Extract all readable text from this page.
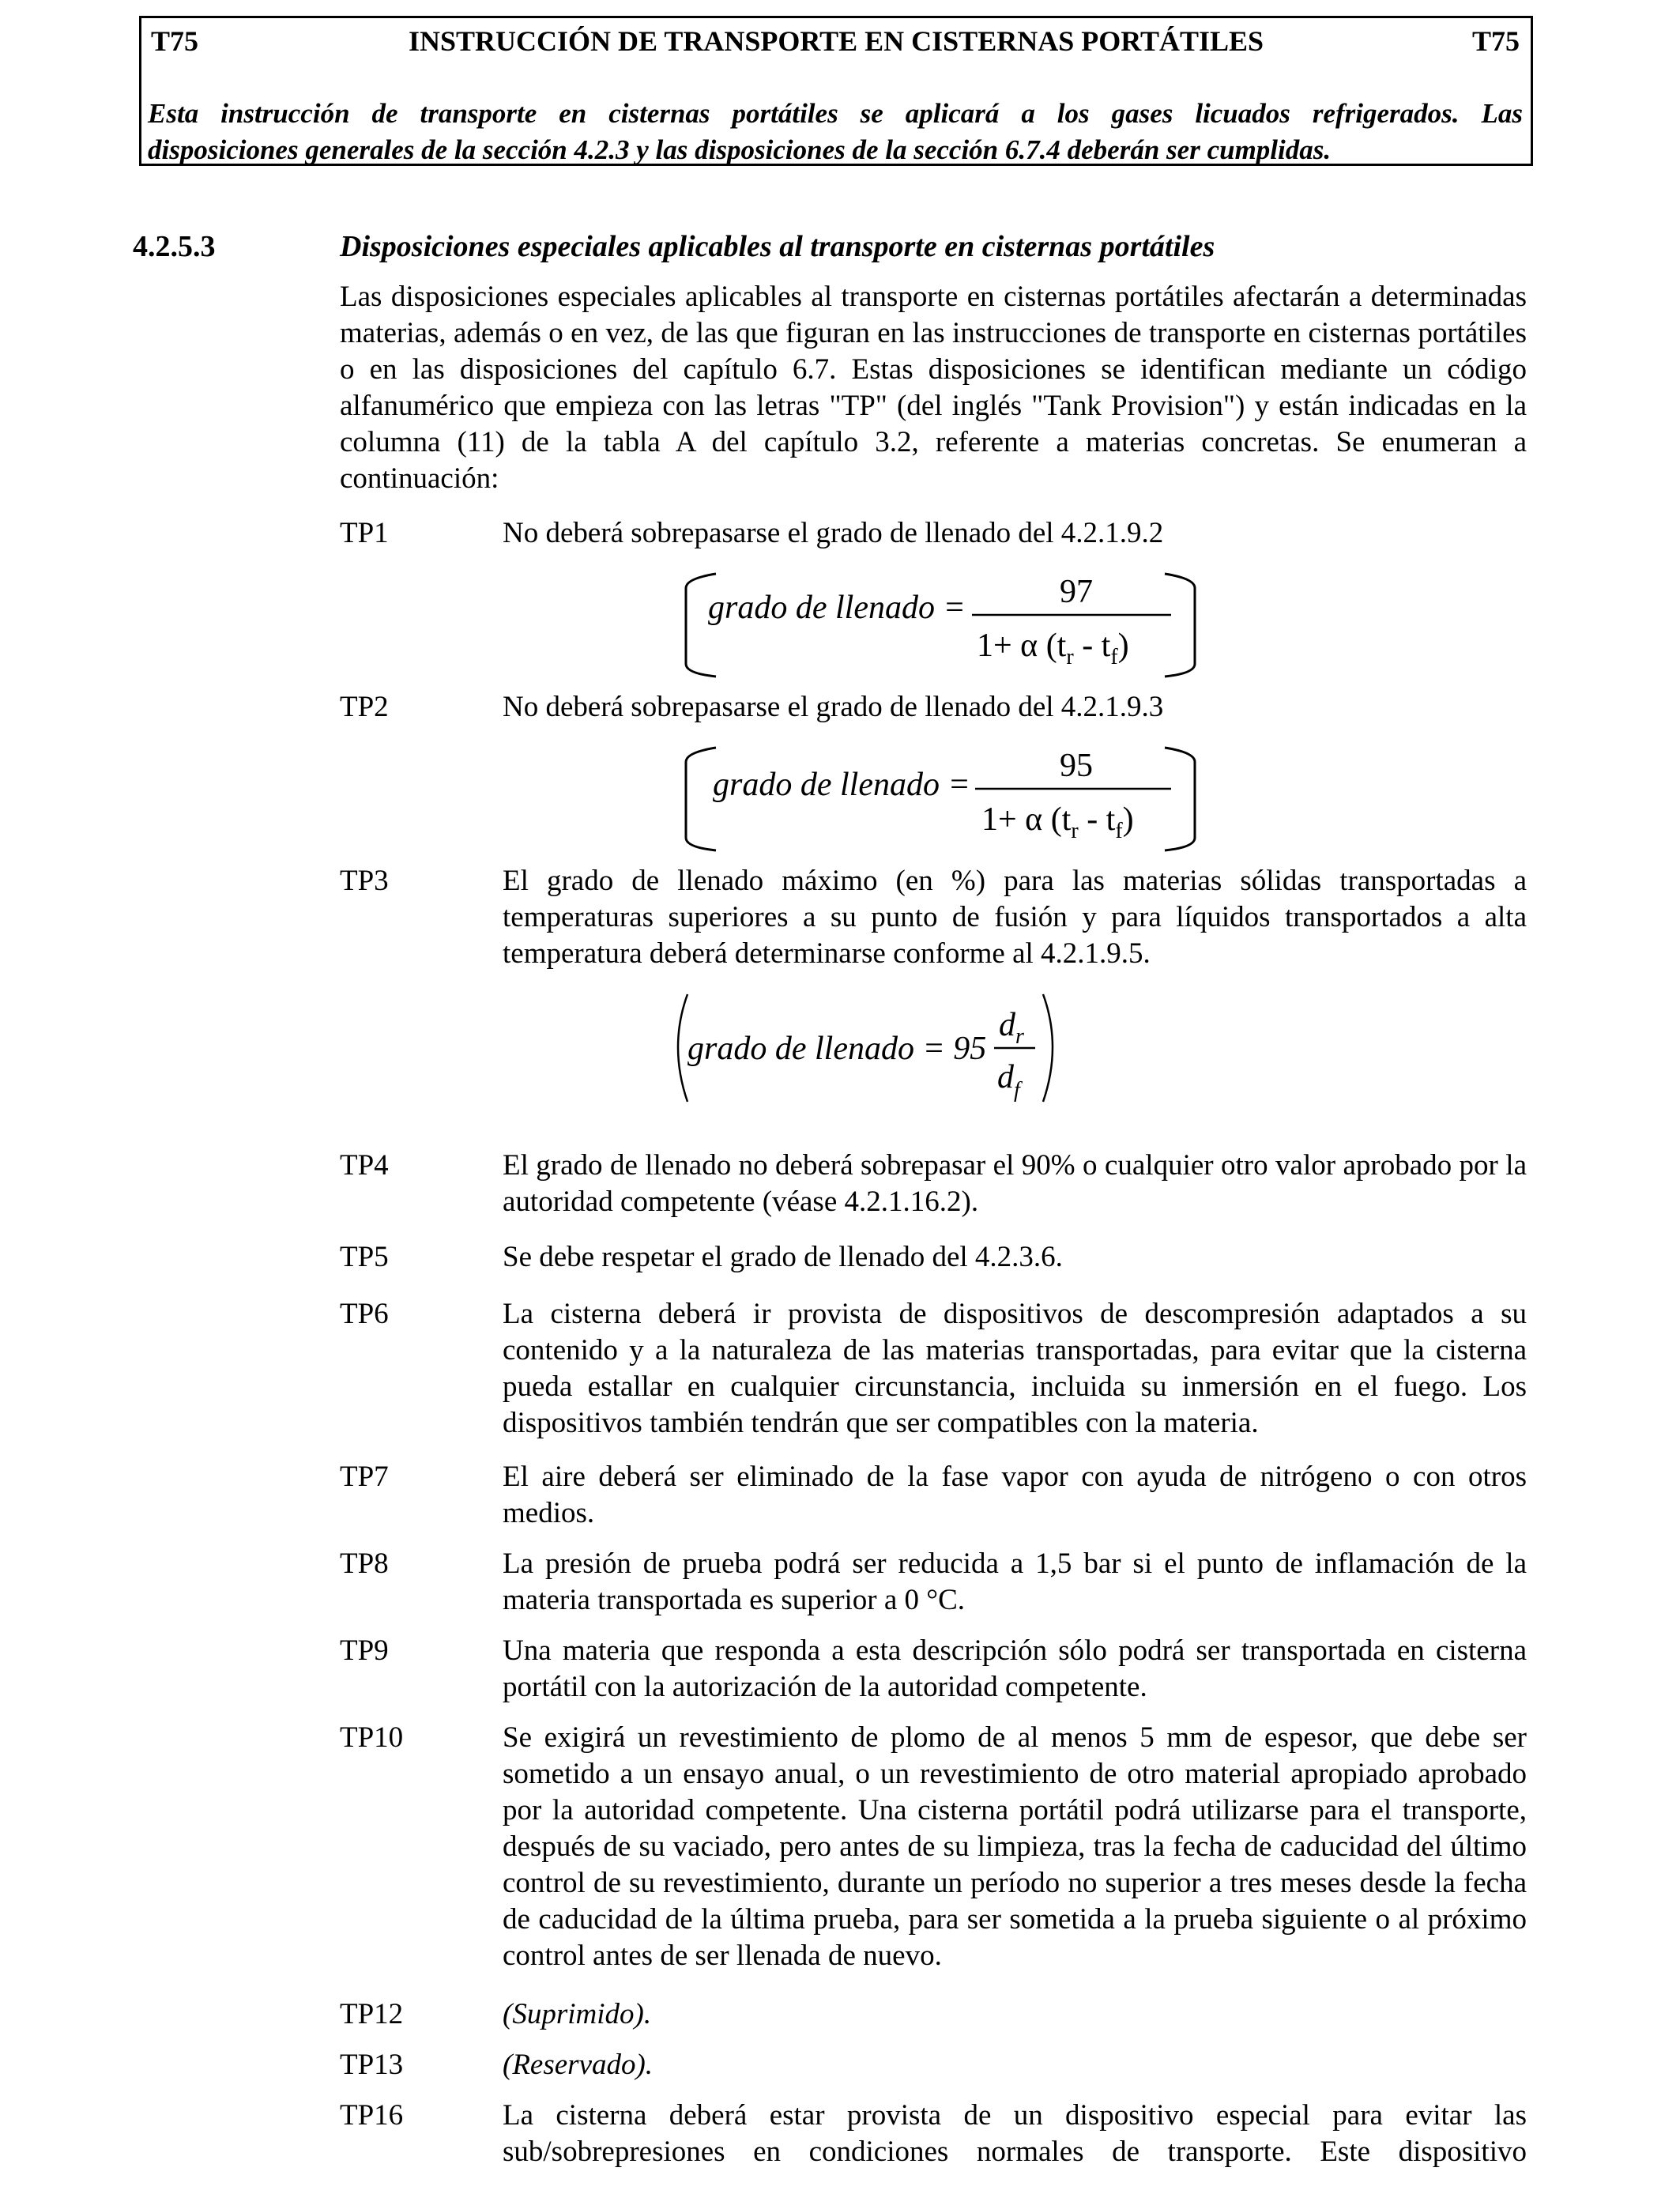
T75	INSTRUCCIÓN DE TRANSPORTE EN CISTERNAS PORTÁTILES	T75
Esta instrucción de transporte en cisternas portátiles se aplicará a los gases licuados refrigerados. Las
disposiciones generales de la sección 4.2.3 y las disposiciones de la sección 6.7.4 deberán ser cumplidas.
4.2.5.3	Disposiciones especiales aplicables al transporte en cisternas portátiles
Las disposiciones especiales aplicables al transporte en cisternas portátiles afectarán a determinadas materias, además o en vez, de las que figuran en las instrucciones de transporte en cisternas portátiles o en las disposiciones del capítulo 6.7. Estas disposiciones se identifican mediante un código alfanumérico que empieza con las letras "TP" (del inglés "Tank Provision") y están indicadas en la columna (11) de la tabla A del capítulo 3.2, referente a materias concretas. Se enumeran a continuación:
TP1	No deberá sobrepasarse el grado de llenado del 4.2.1.9.2
grado de llenado =	97
1+ α $(t_r - t_f)$
TP2	No deberá sobrepasarse el grado de llenado del 4.2.1.9.3
grado de llenado =
95
1+ α $(t_r - t_f)$
TP3	El grado de llenado máximo (en %) para las materias sólidas transportadas a temperaturas superiores a su punto de fusión y para líquidos transportados a alta temperatura deberá determinarse conforme al 4.2.1.9.5.
grado de llenado = 95
$d_r$
$d_f$
TP4	El grado de llenado no deberá sobrepasar el 90% o cualquier otro valor aprobado por la autoridad competente (véase 4.2.1.16.2).
TP5	Se debe respetar el grado de llenado del 4.2.3.6.
TP6	La cisterna deberá ir provista de dispositivos de descompresión adaptados a su contenido y a la naturaleza de las materias transportadas, para evitar que la cisterna pueda estallar en cualquier circunstancia, incluida su inmersión en el fuego. Los dispositivos también tendrán que ser compatibles con la materia.
TP7	El aire deberá ser eliminado de la fase vapor con ayuda de nitrógeno o con otros medios.
TP8	La presión de prueba podrá ser reducida a 1,5 bar si el punto de inflamación de la materia transportada es superior a 0 °C.
TP9	Una materia que responda a esta descripción sólo podrá ser transportada en cisterna portátil con la autorización de la autoridad competente.
TP10	Se exigirá un revestimiento de plomo de al menos 5 mm de espesor, que debe ser sometido a un ensayo anual, o un revestimiento de otro material apropiado aprobado por la autoridad competente. Una cisterna portátil podrá utilizarse para el transporte, después de su vaciado, pero antes de su limpieza, tras la fecha de caducidad del último control de su revestimiento, durante un período no superior a tres meses desde la fecha de caducidad de la última prueba, para ser sometida a la prueba siguiente o al próximo control antes de ser llenada de nuevo.
TP12	(Suprimido).
TP13	(Reservado).
TP16	La cisterna deberá estar provista de un dispositivo especial para evitar las sub/sobrepresiones en condiciones normales de transporte. Este dispositivo
